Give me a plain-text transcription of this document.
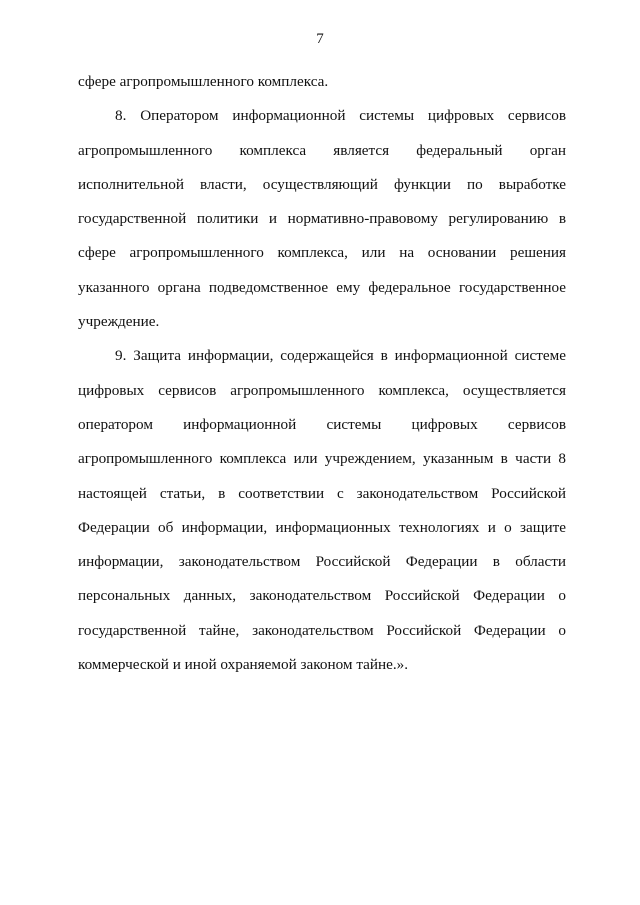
7

сфере агропромышленного комплекса.

8. Оператором информационной системы цифровых сервисов агропромышленного комплекса является федеральный орган исполнительной власти, осуществляющий функции по выработке государственной политики и нормативно-правовому регулированию в сфере агропромышленного комплекса, или на основании решения указанного органа подведомственное ему федеральное государственное учреждение.

9. Защита информации, содержащейся в информационной системе цифровых сервисов агропромышленного комплекса, осуществляется оператором информационной системы цифровых сервисов агропромышленного комплекса или учреждением, указанным в части 8 настоящей статьи, в соответствии с законодательством Российской Федерации об информации, информационных технологиях и о защите информации, законодательством Российской Федерации в области персональных данных, законодательством Российской Федерации о государственной тайне, законодательством Российской Федерации о коммерческой и иной охраняемой законом тайне.».
